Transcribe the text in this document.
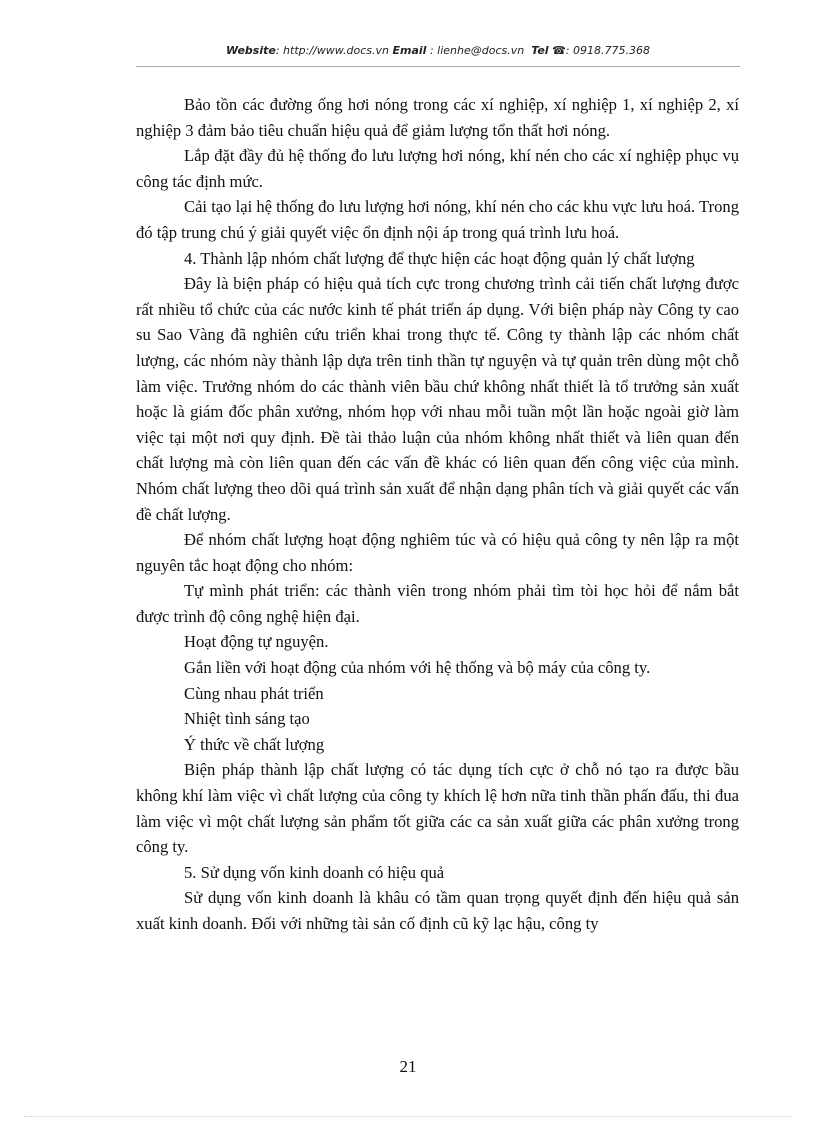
Website: http://www.docs.vn Email : lienhe@docs.vn Tel ☎: 0918.775.368

Bảo tồn các đường ống hơi nóng trong các xí nghiệp, xí nghiệp 1, xí nghiệp 2, xí nghiệp 3 đảm bảo tiêu chuẩn hiệu quả để giảm lượng tổn thất hơi nóng.

Lắp đặt đầy đủ hệ thống đo lưu lượng hơi nóng, khí nén cho các xí nghiệp phục vụ công tác định mức.

Cải tạo lại hệ thống đo lưu lượng hơi nóng, khí nén cho các khu vực lưu hoá. Trong đó tập trung chú ý giải quyết việc ổn định nội áp trong quá trình lưu hoá.

4. Thành lập nhóm chất lượng để thực hiện các hoạt động quản lý chất lượng

Đây là biện pháp có hiệu quả tích cực trong chương trình cải tiến chất lượng được rất nhiều tổ chức của các nước kinh tế phát triển áp dụng. Với biện pháp này Công ty cao su Sao Vàng đã nghiên cứu triển khai trong thực tế. Công ty thành lập các nhóm chất lượng, các nhóm này thành lập dựa trên tinh thần tự nguyện và tự quản trên dùng một chỗ làm việc. Trưởng nhóm do các thành viên bầu chứ không nhất thiết là tổ trưởng sản xuất hoặc là giám đốc phân xưởng, nhóm họp với nhau mỗi tuần một lần hoặc ngoài giờ làm việc tại một nơi quy định. Đề tài thảo luận của nhóm không nhất thiết và liên quan đến chất lượng mà còn liên quan đến các vấn đề khác có liên quan đến công việc của mình. Nhóm chất lượng theo dõi quá trình sản xuất để nhận dạng phân tích và giải quyết các vấn đề chất lượng.

Để nhóm chất lượng hoạt động nghiêm túc và có hiệu quả công ty nên lập ra một nguyên tắc hoạt động cho nhóm:

Tự mình phát triển: các thành viên trong nhóm phải tìm tòi học hỏi để nắm bắt được trình độ công nghệ hiện đại.

Hoạt động tự nguyện.

Gắn liền với hoạt động của nhóm với hệ thống và bộ máy của công ty.

Cùng nhau phát triển

Nhiệt tình sáng tạo

Ý thức về chất lượng

Biện pháp thành lập chất lượng có tác dụng tích cực ở chỗ nó tạo ra được bầu không khí làm việc vì chất lượng của công ty khích lệ hơn nữa tinh thần phấn đấu, thi đua làm việc vì một chất lượng sản phẩm tốt giữa các ca sản xuất giữa các phân xưởng trong công ty.

5. Sử dụng vốn kinh doanh có hiệu quả

Sử dụng vốn kinh doanh là khâu có tầm quan trọng quyết định đến hiệu quả sản xuất kinh doanh. Đối với những tài sản cố định cũ kỹ lạc hậu, công ty

21
